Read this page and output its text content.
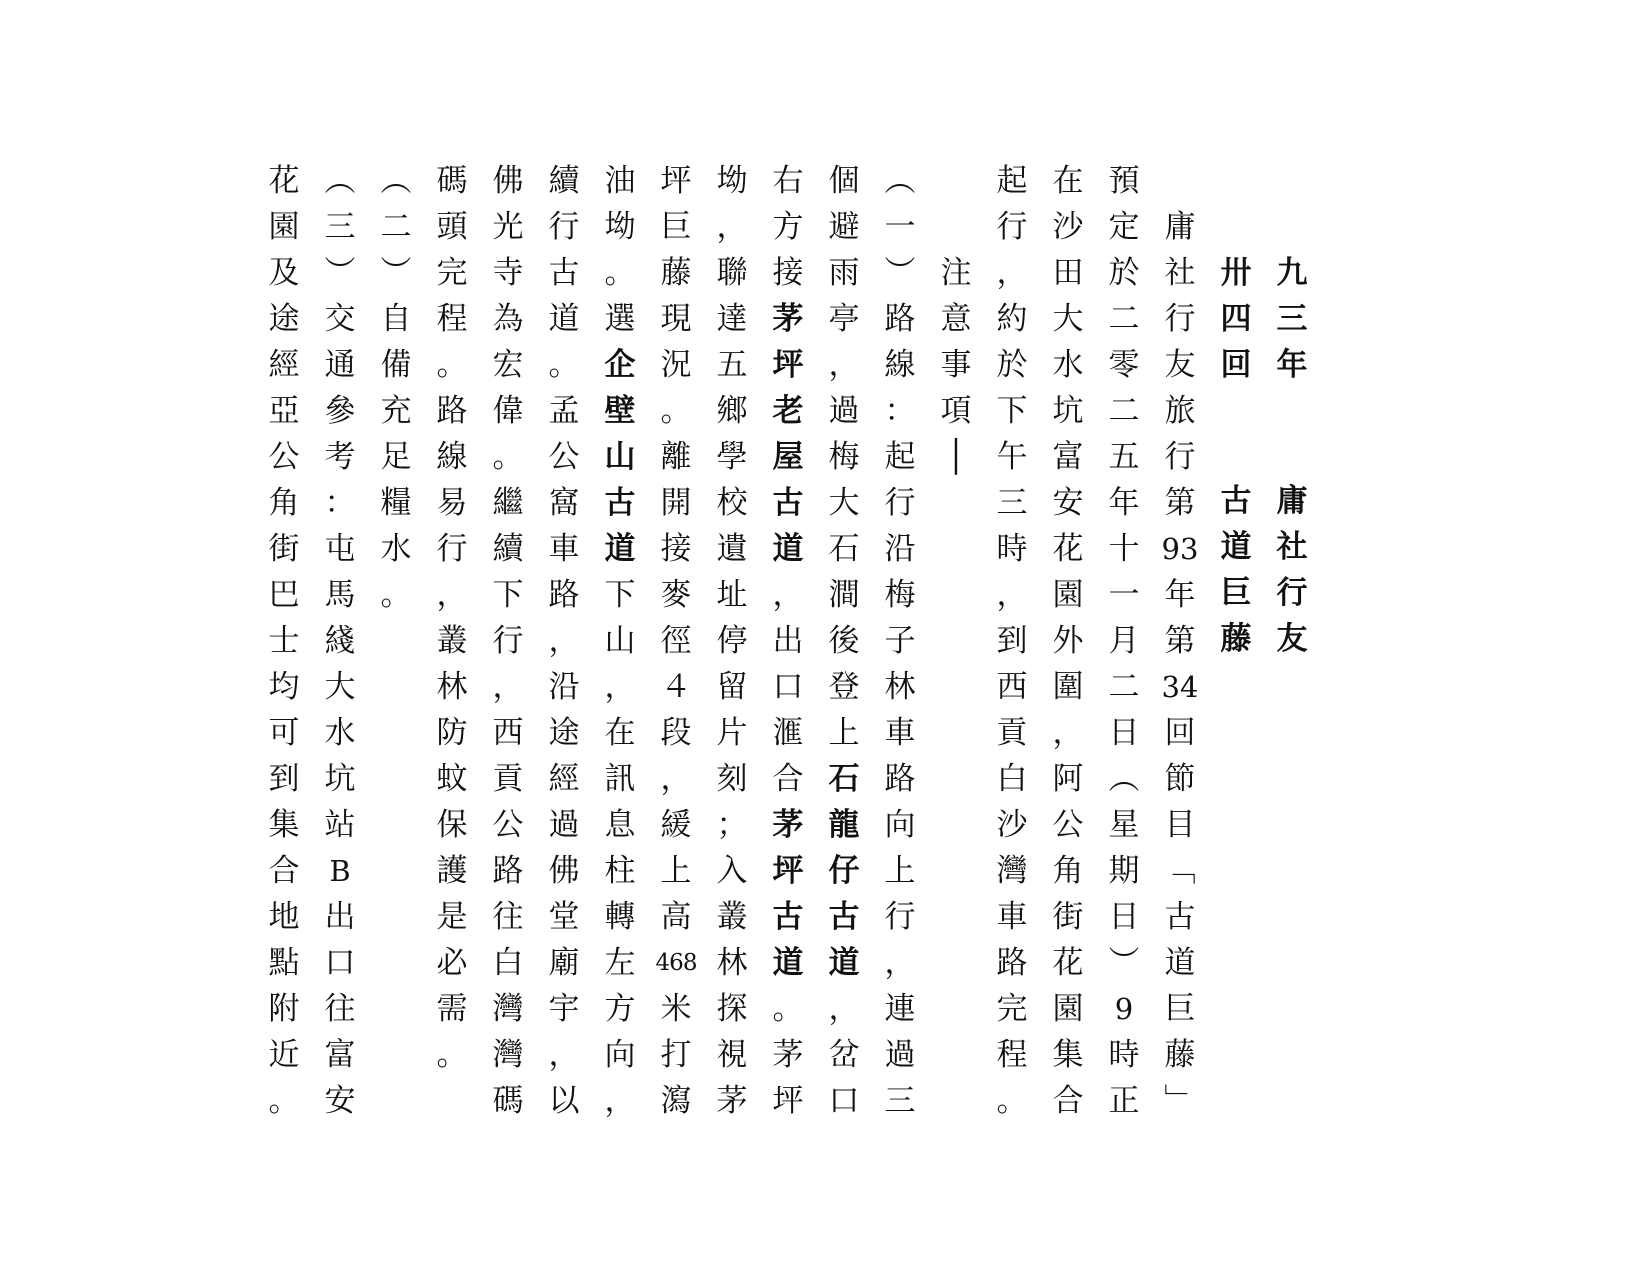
九
三
年
庸
社
行
友
卅
四
回
古
道
巨
藤
庸
社
行
友
旅
行
第
93
年
第
34
回
節
目
﹁
古
道
巨
藤
﹂
預
定
於
二
零
二
五
年
十
一
月
二
日
︵
星
期
日
︶
9
時
正
在
沙
田
大
水
坑
富
安
花
園
外
圍
，
阿
公
角
街
花
園
集
合
起
行
，
約
於
下
午
三
時
，
到
西
貢
白
沙
灣
車
路
完
程
。
注
意
事
項
│
︵
一
︶
路
線
：
起
行
沿
梅
子
林
車
路
向
上
行
，
連
過
三
個
避
雨
亭
，
過
梅
大
石
澗
後
登
上
石
龍
仔
古
道
，
岔
口
右
方
接
茅
坪
老
屋
古
道
，
出
口
滙
合
茅
坪
古
道
。
茅
坪
坳
，
聯
達
五
鄉
學
校
遺
址
停
留
片
刻
；
入
叢
林
探
視
茅
坪
巨
藤
現
況
。
離
開
接
麥
徑
４
段
，
緩
上
高
468
米
打
瀉
油
坳
。
選
企
壁
山
古
道
下
山
，
在
訊
息
柱
轉
左
方
向
，
續
行
古
道
。
孟
公
窩
車
路
，
沿
途
經
過
佛
堂
廟
宇
，
以
佛
光
寺
為
宏
偉
。
繼
續
下
行
，
西
貢
公
路
往
白
灣
灣
碼
碼
頭
完
程
。
路
線
易
行
，
叢
林
防
蚊
保
護
是
必
需
。
︵
二
︶
自
備
充
足
糧
水
。
︵
三
︶
交
通
參
考
：
屯
馬
綫
大
水
坑
站
B
出
口
往
富
安
花
園
及
途
經
亞
公
角
街
巴
士
均
可
到
集
合
地
點
附
近
。
